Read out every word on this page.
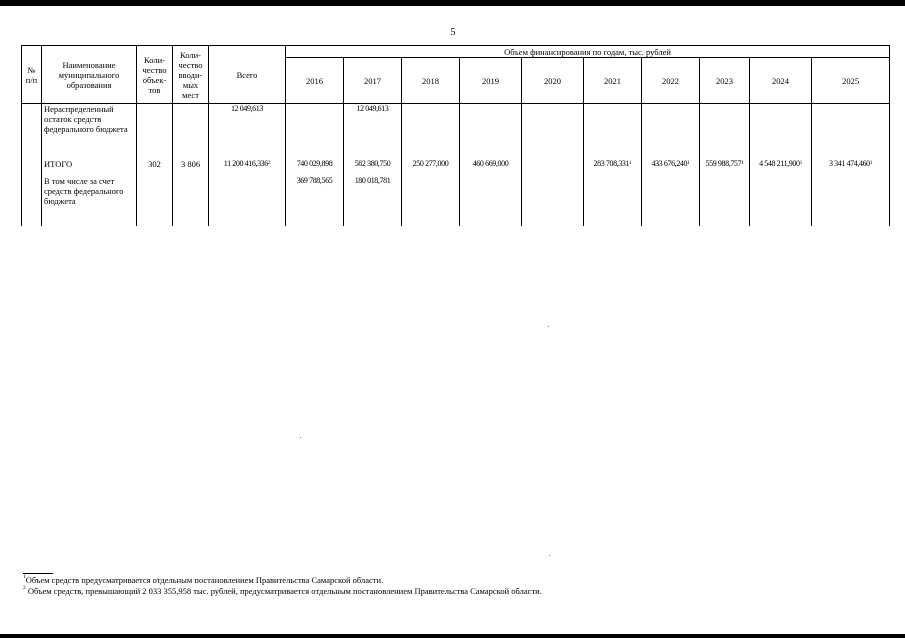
5
№ п/п	Наименование муниципального образования	Коли-чество объек-тов	Коли-чество вводи-мых мест	Всего	Объем финансирования по годам, тыс. рублей									
					2016	2017	2018	2019	2020	2021	2022	2023	2024	2025
	Нераспределенный остаток средств федерального бюджета			12 049,613		12 049,613								
	ИТОГО	302	3 806	11 200 416,336$^2$	740 029,898	582 380,750	250 277,000	460 669,000		283 708,331$^1$	433 676,240$^1$	559 988,757$^1$	4 548 211,900$^1$	3 341 474,460$^1$
	В том числе за счет средств федерального бюджета				369 788,565	180 018,781								
$^1$Объем средств предусматривается отдельным постановлением Правительства Самарской области.
$^2$ Объем средств, превышающий 2 033 355,958 тыс. рублей, предусматривается отдельным постановлением Правительства Самарской области.
